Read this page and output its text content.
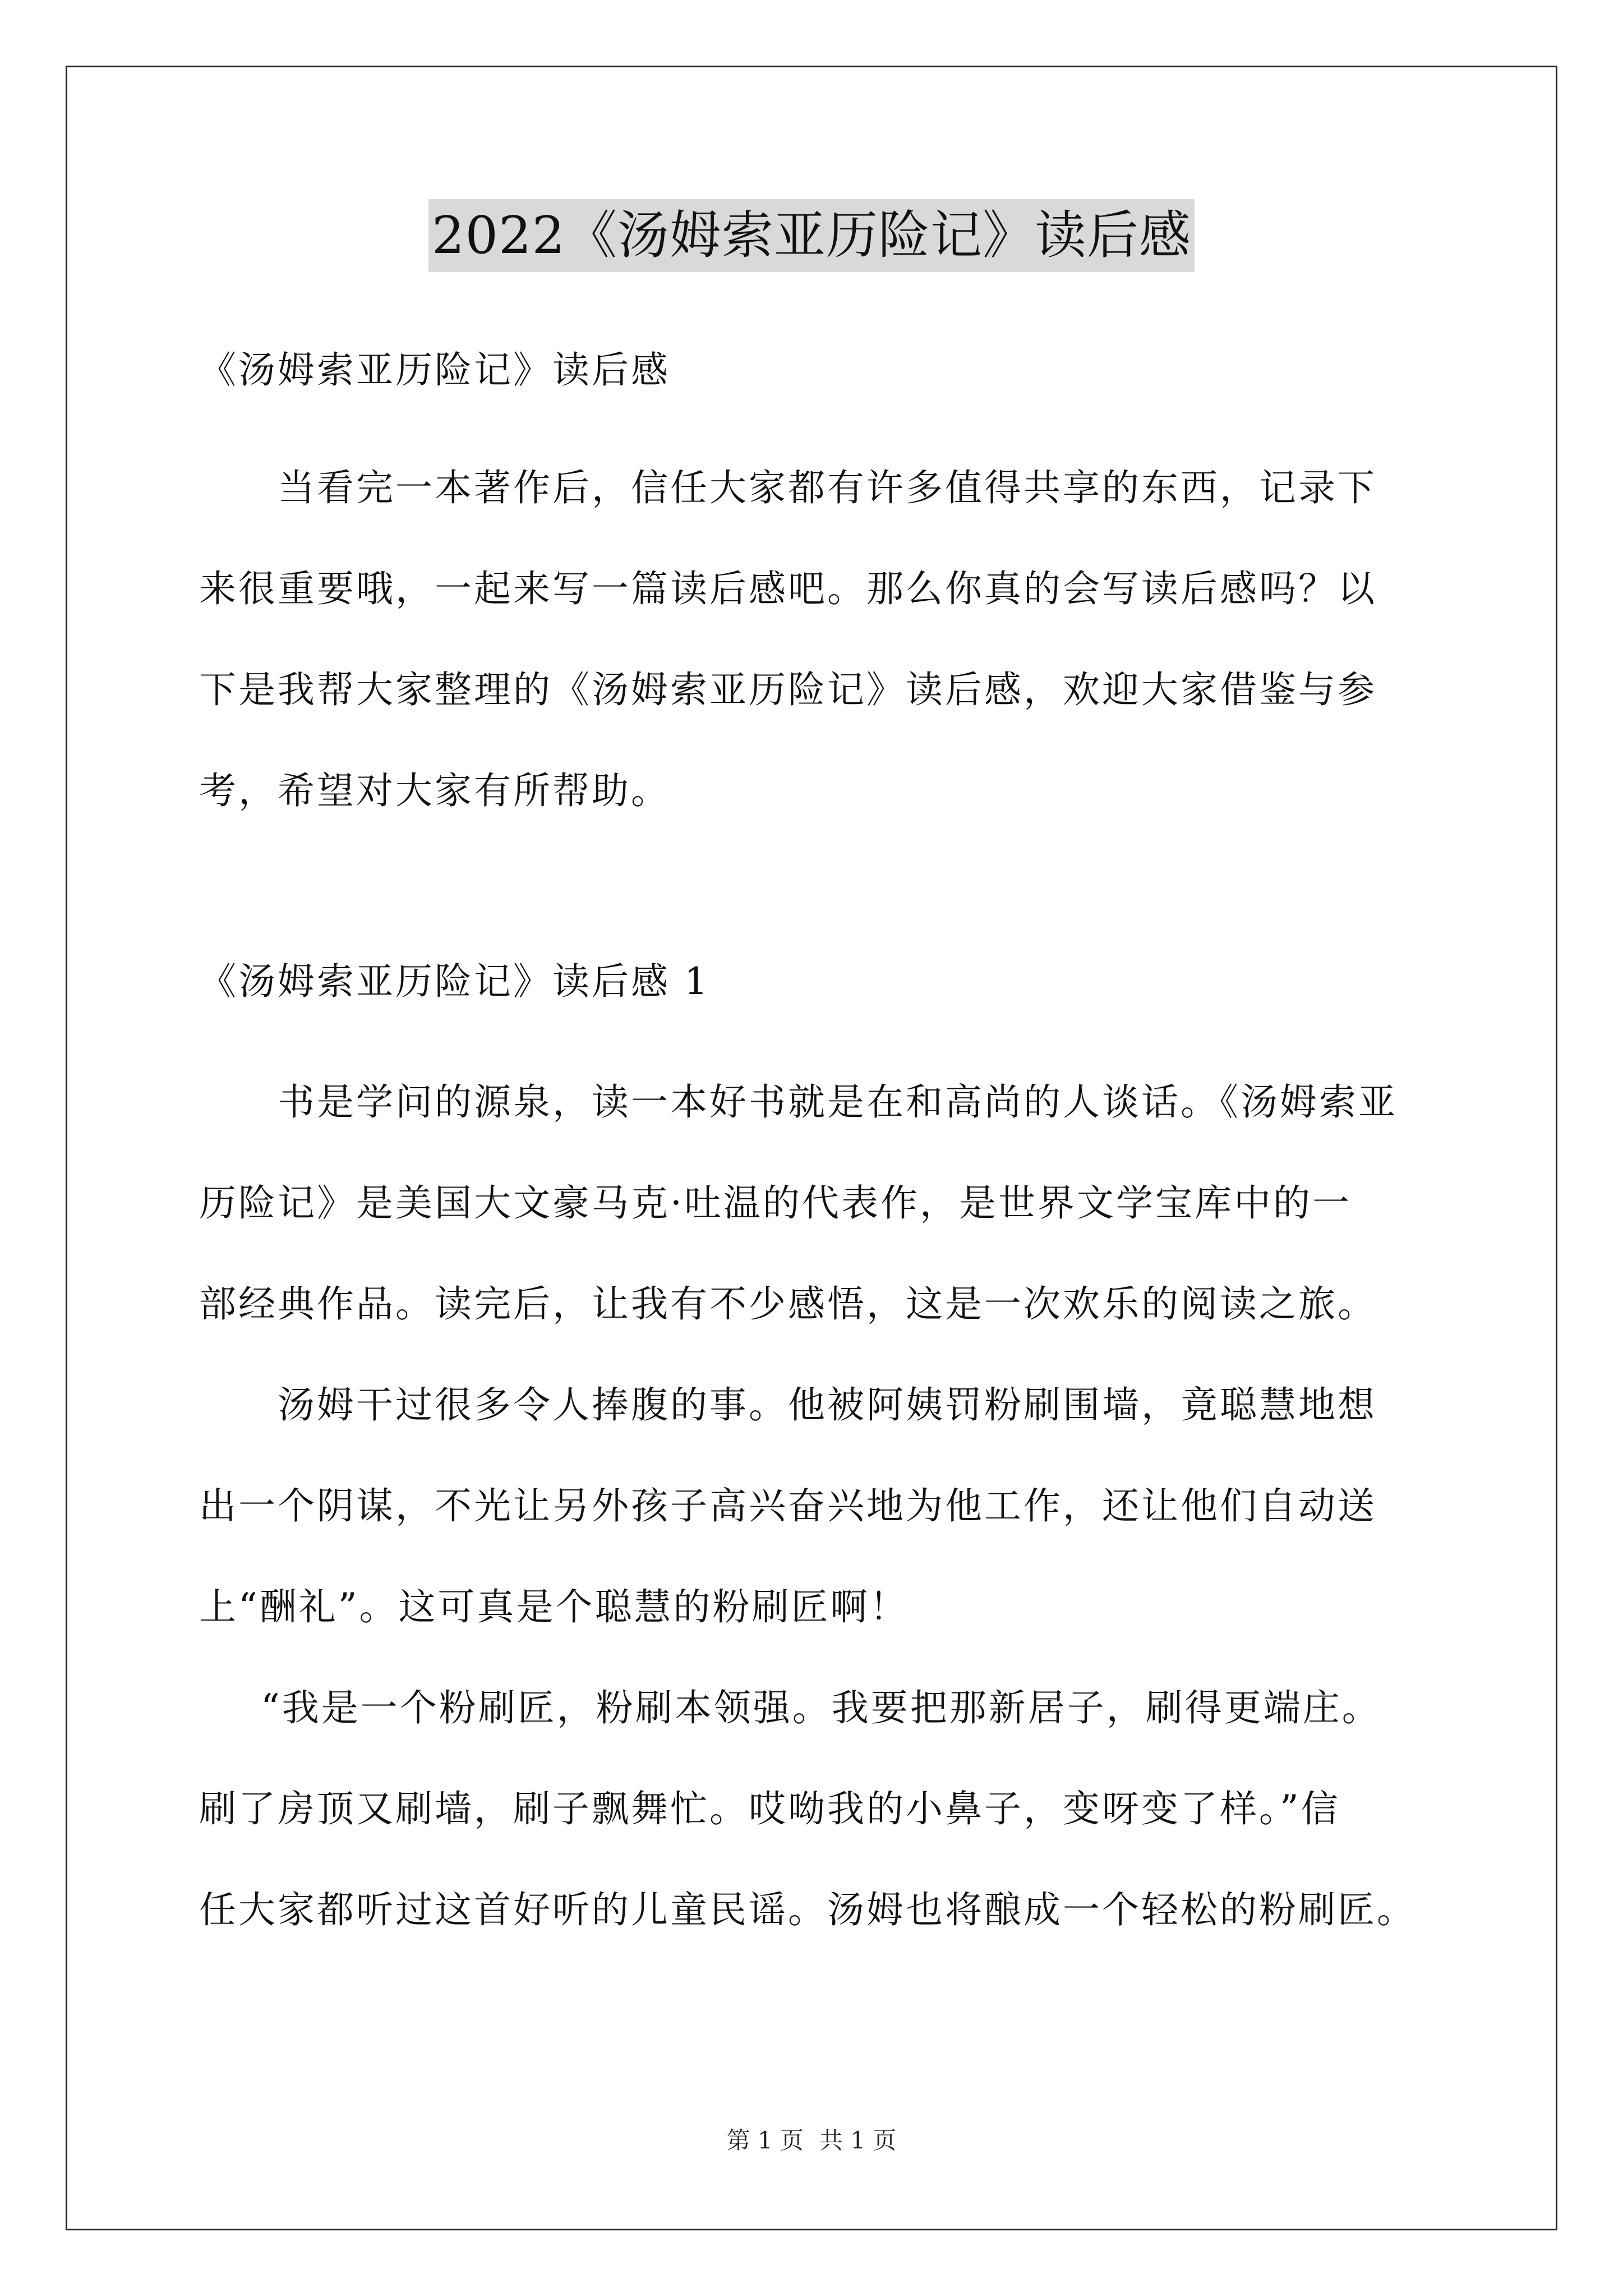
2022《汤姆索亚历险记》读后感
《汤姆索亚历险记》读后感
当看完一本著作后，信任大家都有许多值得共享的东西，记录下
来很重要哦，一起来写一篇读后感吧。那么你真的会写读后感吗？以
下是我帮大家整理的《汤姆索亚历险记》读后感，欢迎大家借鉴与参
考，希望对大家有所帮助。
《汤姆索亚历险记》读后感 1
书是学问的源泉，读一本好书就是在和高尚的人谈话。《汤姆索亚
历险记》是美国大文豪马克·吐温的代表作，是世界文学宝库中的一
部经典作品。读完后，让我有不少感悟，这是一次欢乐的阅读之旅。
汤姆干过很多令人捧腹的事。他被阿姨罚粉刷围墙，竟聪慧地想
出一个阴谋，不光让另外孩子高兴奋兴地为他工作，还让他们自动送
上“酬礼”。这可真是个聪慧的粉刷匠啊！
“我是一个粉刷匠，粉刷本领强。我要把那新居子，刷得更端庄。
刷了房顶又刷墙，刷子飘舞忙。哎呦我的小鼻子，变呀变了样。”信
任大家都听过这首好听的儿童民谣。汤姆也将酿成一个轻松的粉刷匠。
第 1 页 共 1 页
